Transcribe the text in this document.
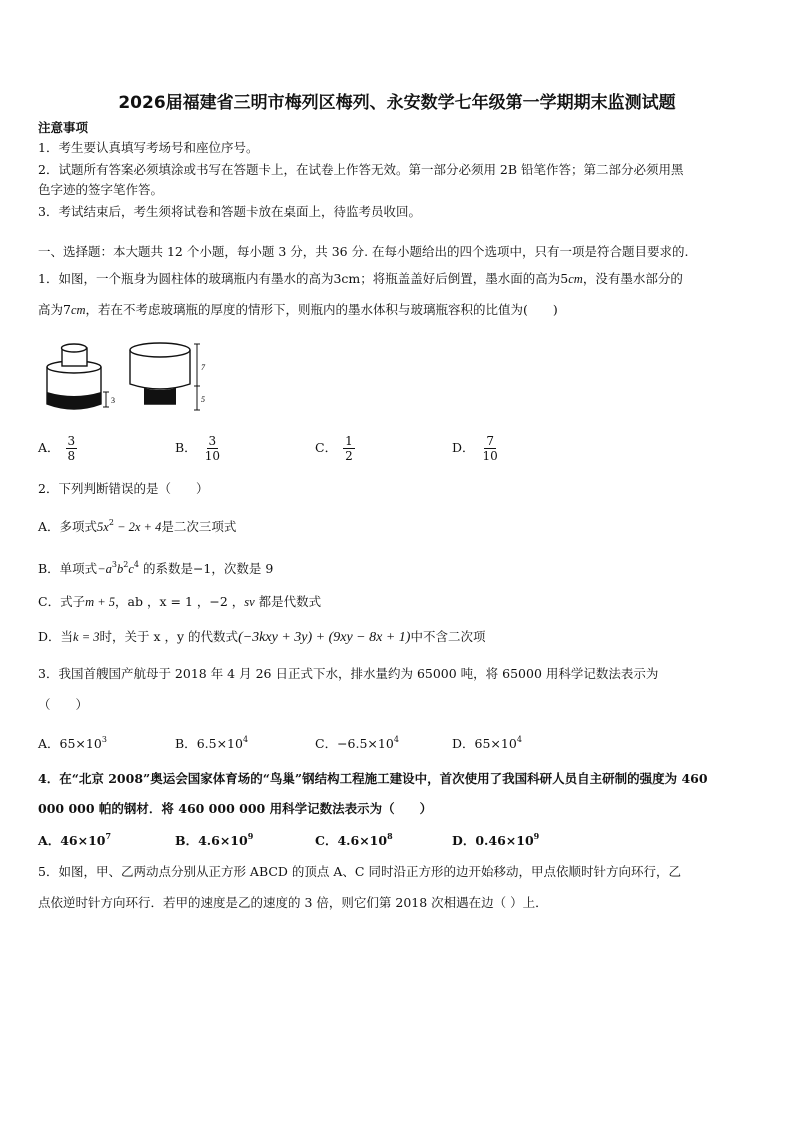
2026届福建省三明市梅列区梅列、永安数学七年级第一学期期末监测试题
注意事项
1．考生要认真填写考场号和座位序号。
2．试题所有答案必须填涂或书写在答题卡上，在试卷上作答无效。第一部分必须用 2B 铅笔作答；第二部分必须用黑
色字迹的签字笔作答。
3．考试结束后，考生须将试卷和答题卡放在桌面上，待监考员收回。
一、选择题：本大题共 12 个小题，每小题 3 分，共 36 分. 在每小题给出的四个选项中，只有一项是符合题目要求的.
1．如图，一个瓶身为圆柱体的玻璃瓶内有墨水的高为3cm；将瓶盖盖好后倒置，墨水面的高为5cm，没有墨水部分的
高为7cm，若在不考虑玻璃瓶的厚度的情形下，则瓶内的墨水体积与玻璃瓶容积的比值为(　　)
3
7
5
A． $\frac{3}{8}$	B． $\frac{3}{10}$	C． $\frac{1}{2}$	D． $\frac{7}{10}$
2．下列判断错误的是（　　）
A．多项式$5x^2 - 2x + 4$是二次三项式
B．单项式$-a^3b^2c^4$ 的系数是−1，次数是 9
C．式子m + 5，ab ，x = 1 ，−2 ，sv 都是代数式
D．当k = 3时，关于 x ，y 的代数式(−3kxy + 3y) + (9xy − 8x + 1)中不含二次项
3．我国首艘国产航母于 2018 年 4 月 26 日正式下水，排水量约为 65000 吨，将 65000 用科学记数法表示为
（　　）
A．$65\times 10^3$	B．$6.5\times 10^4$	C．$-6.5\times 10^4$	D．$65\times 10^4$
4．在“北京 2008”奥运会国家体育场的“鸟巢”钢结构工程施工建设中，首次使用了我国科研人员自主研制的强度为 460
000 000 帕的钢材．将 460 000 000 用科学记数法表示为（　　）
A．$46\times 10^7$	B．$4.6\times 10^9$	C．$4.6\times 10^8$	D．$0.46\times 10^9$
5．如图，甲、乙两动点分别从正方形 ABCD 的顶点 A、C 同时沿正方形的边开始移动，甲点依顺时针方向环行，乙
点依逆时针方向环行．若甲的速度是乙的速度的 3 倍，则它们第 2018 次相遇在边（ ）上．
